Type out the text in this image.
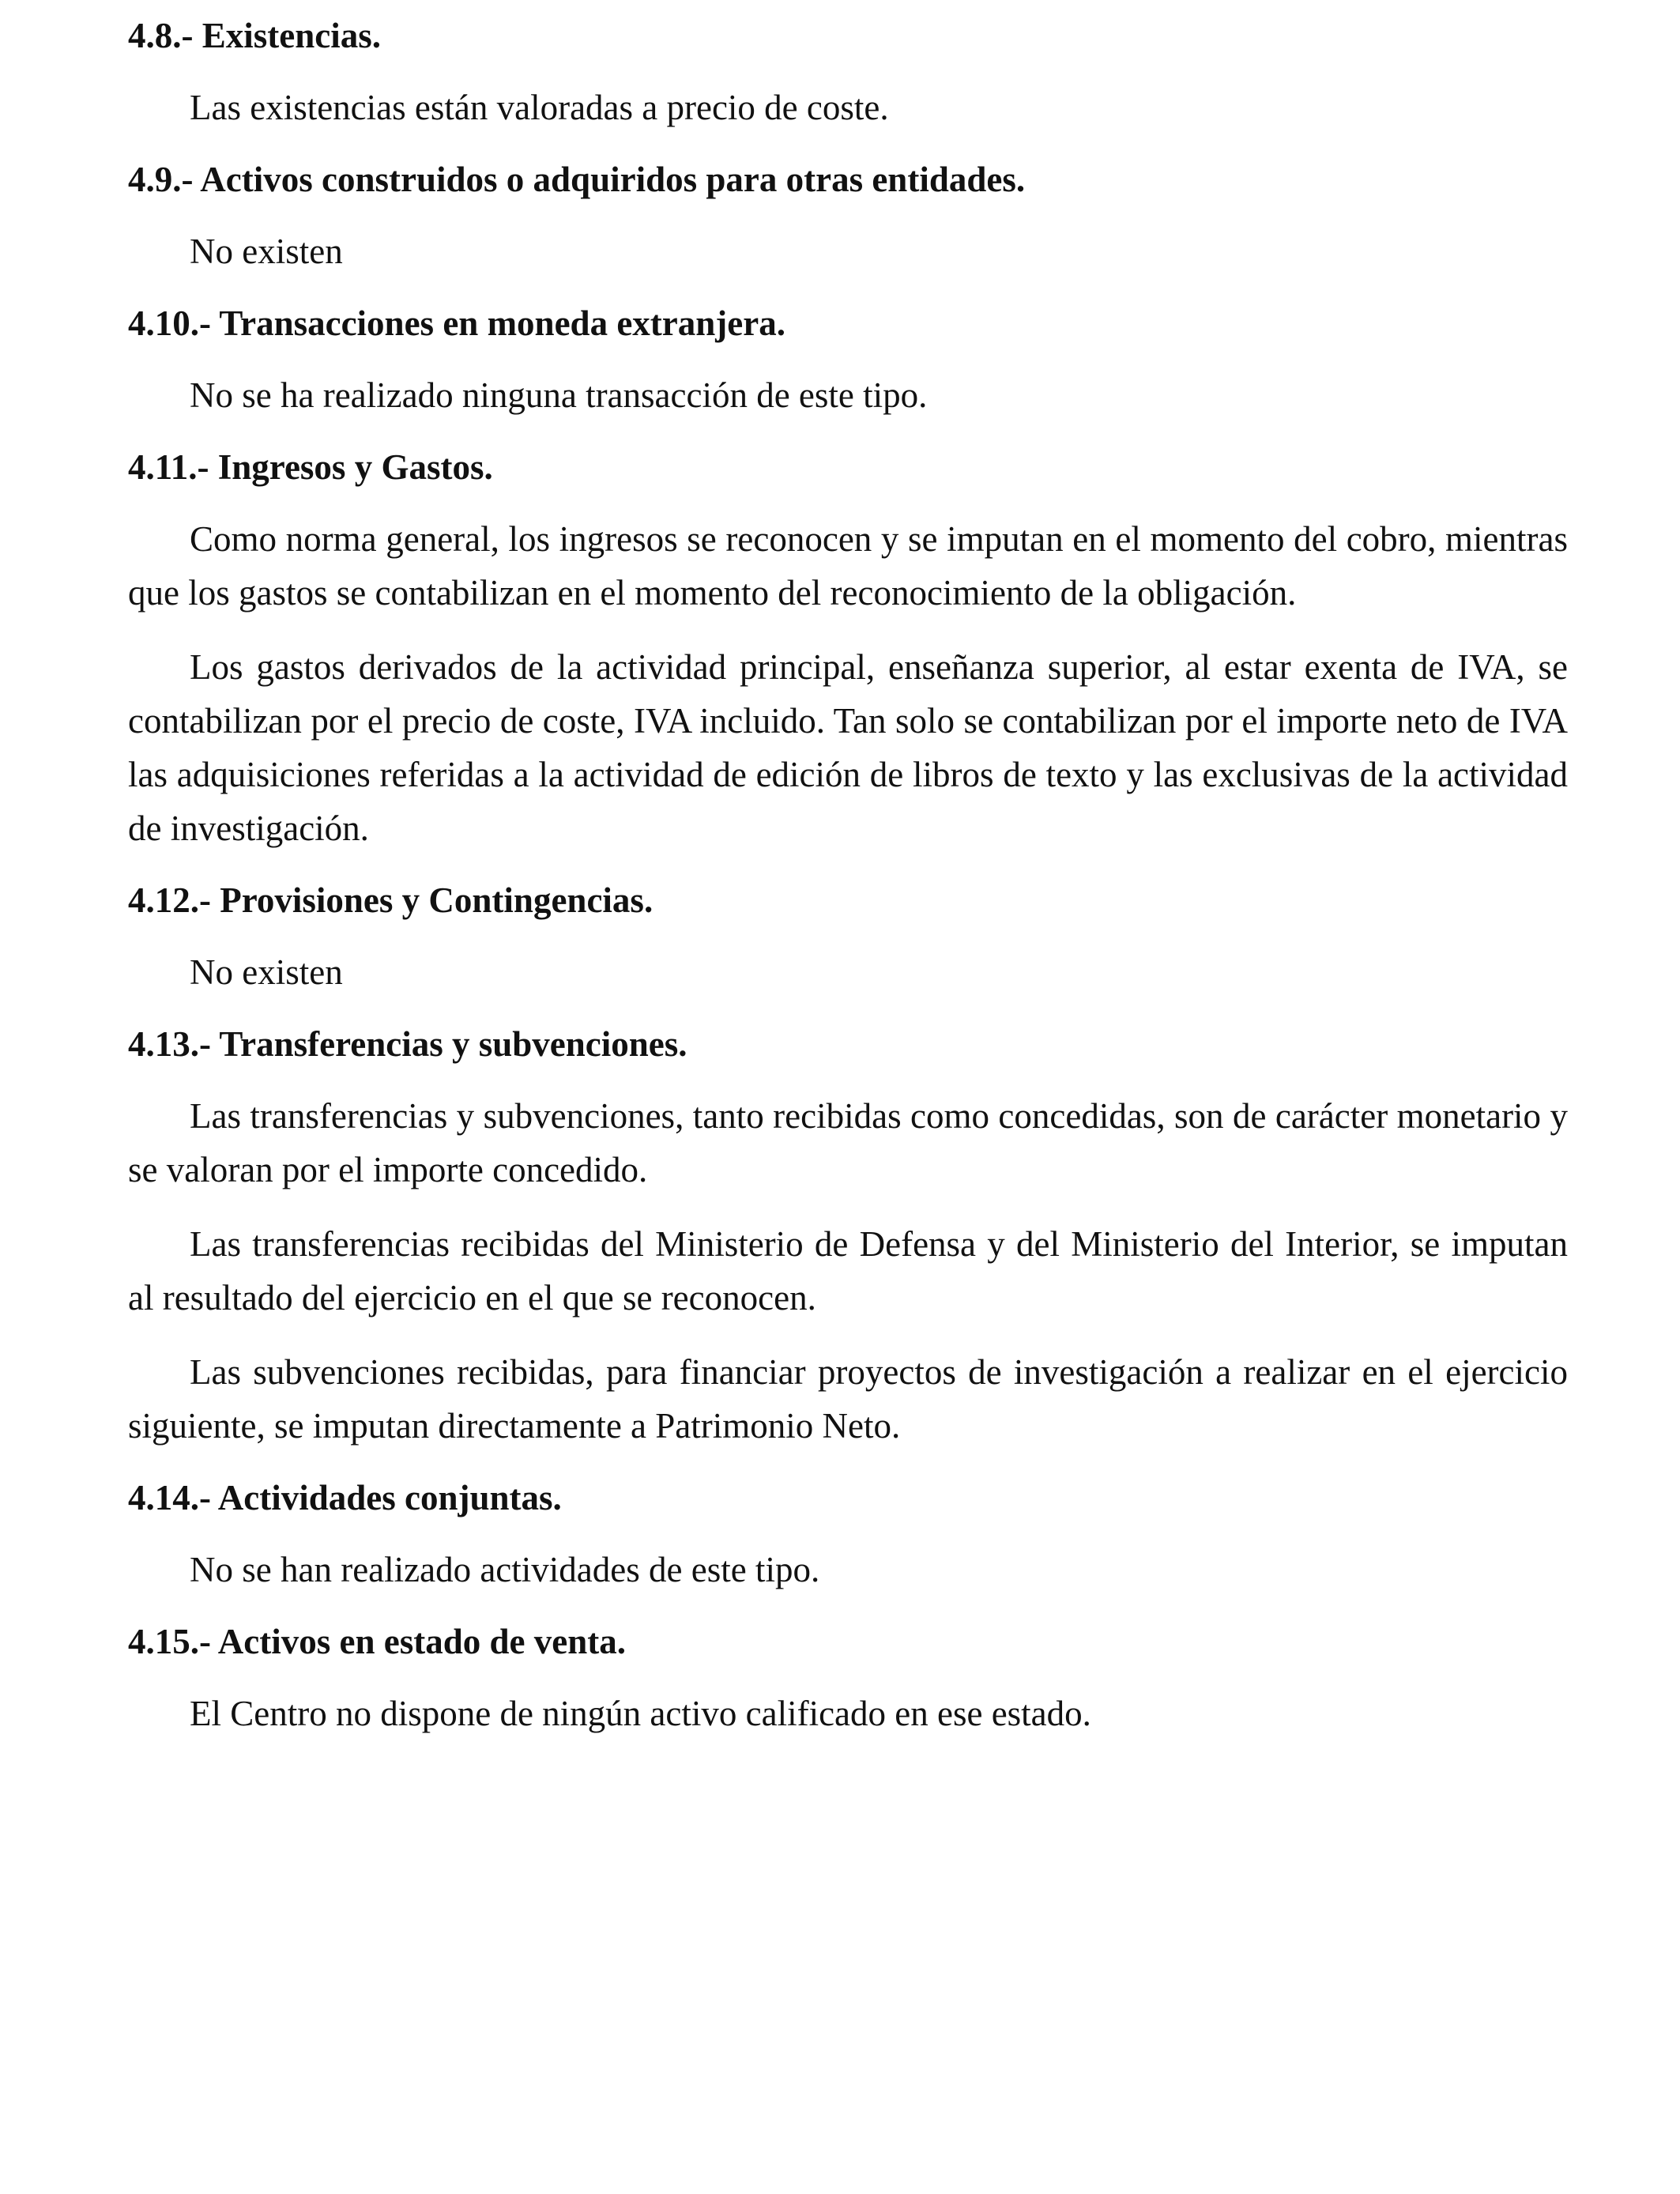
4.8.- Existencias.

Las existencias están valoradas a precio de coste.

4.9.- Activos construidos o adquiridos para otras entidades.

No existen

4.10.- Transacciones en moneda extranjera.

No se ha realizado ninguna transacción de este tipo.

4.11.- Ingresos y Gastos.

Como norma general, los ingresos se reconocen y se imputan en el momento del cobro, mientras que los gastos se contabilizan en el momento del reconocimiento de la obligación.

Los gastos derivados de la actividad principal, enseñanza superior, al estar exenta de IVA, se contabilizan por el precio de coste, IVA incluido. Tan solo se contabilizan por el importe neto de IVA las adquisiciones referidas a la actividad de edición de libros de texto y las exclusivas de la actividad de investigación.

4.12.- Provisiones y Contingencias.

No existen

4.13.- Transferencias y subvenciones.

Las transferencias y subvenciones, tanto recibidas como concedidas, son de carácter monetario y se valoran por el importe concedido.

Las transferencias recibidas del Ministerio de Defensa y del Ministerio del Interior, se imputan al resultado del ejercicio en el que se reconocen.

Las subvenciones recibidas, para financiar proyectos de investigación a realizar en el ejercicio siguiente, se imputan directamente a Patrimonio Neto.

4.14.- Actividades conjuntas.

No se han realizado actividades de este tipo.

4.15.- Activos en estado de venta.

El Centro no dispone de ningún activo calificado en ese estado.
